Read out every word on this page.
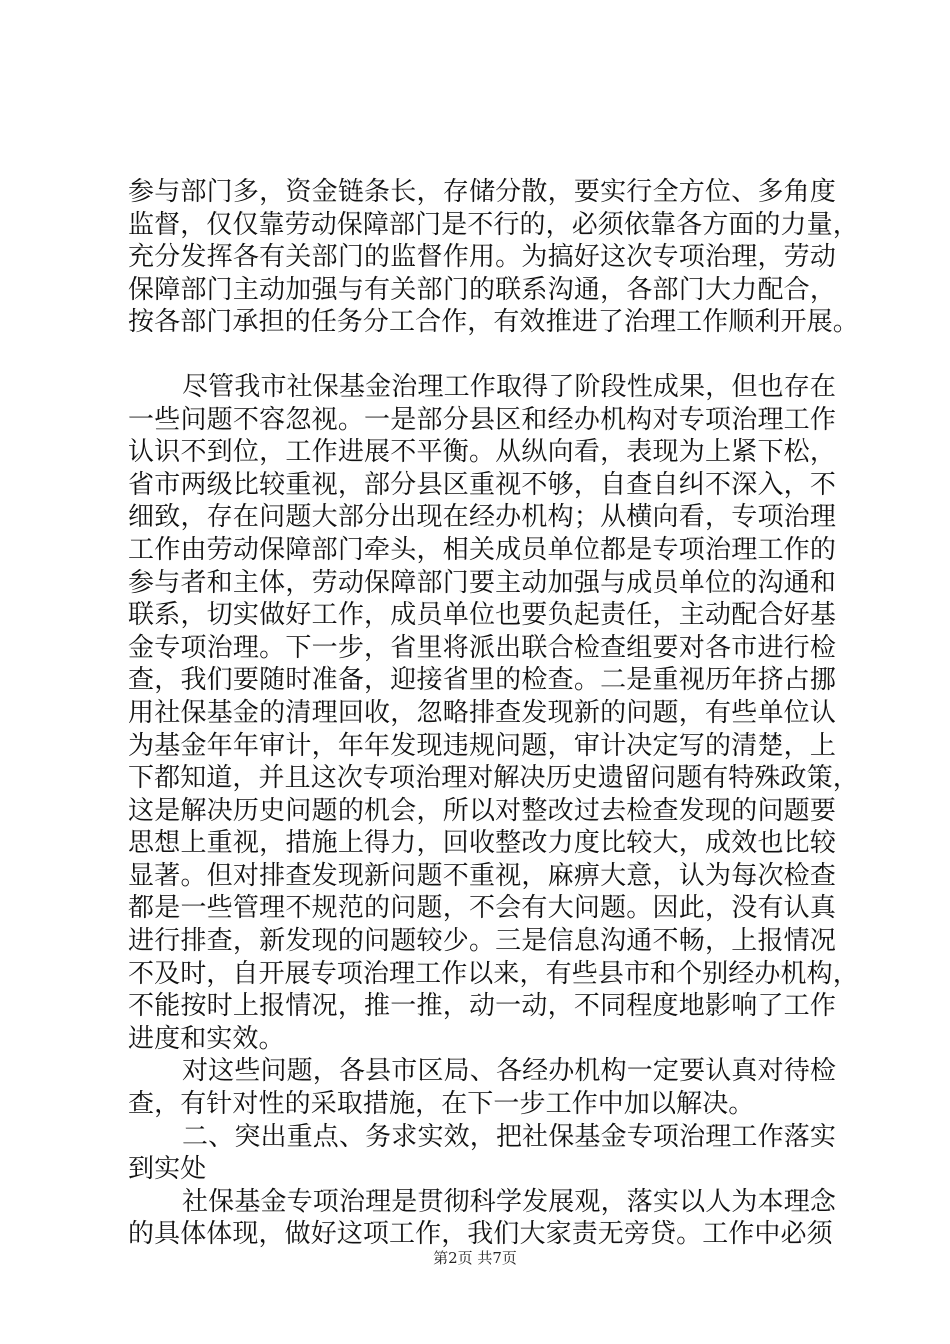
参与部门多，资金链条长，存储分散，要实行全方位、多角度
监督，仅仅靠劳动保障部门是不行的，必须依靠各方面的力量，
充分发挥各有关部门的监督作用。为搞好这次专项治理，劳动
保障部门主动加强与有关部门的联系沟通，各部门大力配合，
按各部门承担的任务分工合作，有效推进了治理工作顺利开展。
尽管我市社保基金治理工作取得了阶段性成果，但也存在
一些问题不容忽视。一是部分县区和经办机构对专项治理工作
认识不到位，工作进展不平衡。从纵向看，表现为上紧下松，
省市两级比较重视，部分县区重视不够，自查自纠不深入，不
细致，存在问题大部分出现在经办机构；从横向看，专项治理
工作由劳动保障部门牵头，相关成员单位都是专项治理工作的
参与者和主体，劳动保障部门要主动加强与成员单位的沟通和
联系，切实做好工作，成员单位也要负起责任，主动配合好基
金专项治理。下一步，省里将派出联合检查组要对各市进行检
查，我们要随时准备，迎接省里的检查。二是重视历年挤占挪
用社保基金的清理回收，忽略排查发现新的问题，有些单位认
为基金年年审计，年年发现违规问题，审计决定写的清楚，上
下都知道，并且这次专项治理对解决历史遗留问题有特殊政策，
这是解决历史问题的机会，所以对整改过去检查发现的问题要
思想上重视，措施上得力，回收整改力度比较大，成效也比较
显著。但对排查发现新问题不重视，麻痹大意，认为每次检查
都是一些管理不规范的问题，不会有大问题。因此，没有认真
进行排查，新发现的问题较少。三是信息沟通不畅，上报情况
不及时，自开展专项治理工作以来，有些县市和个别经办机构，
不能按时上报情况，推一推，动一动，不同程度地影响了工作
进度和实效。
对这些问题，各县市区局、各经办机构一定要认真对待检
查，有针对性的采取措施，在下一步工作中加以解决。
二、突出重点、务求实效，把社保基金专项治理工作落实
到实处
社保基金专项治理是贯彻科学发展观，落实以人为本理念
的具体体现，做好这项工作，我们大家责无旁贷。工作中必须
第2页 共7页
